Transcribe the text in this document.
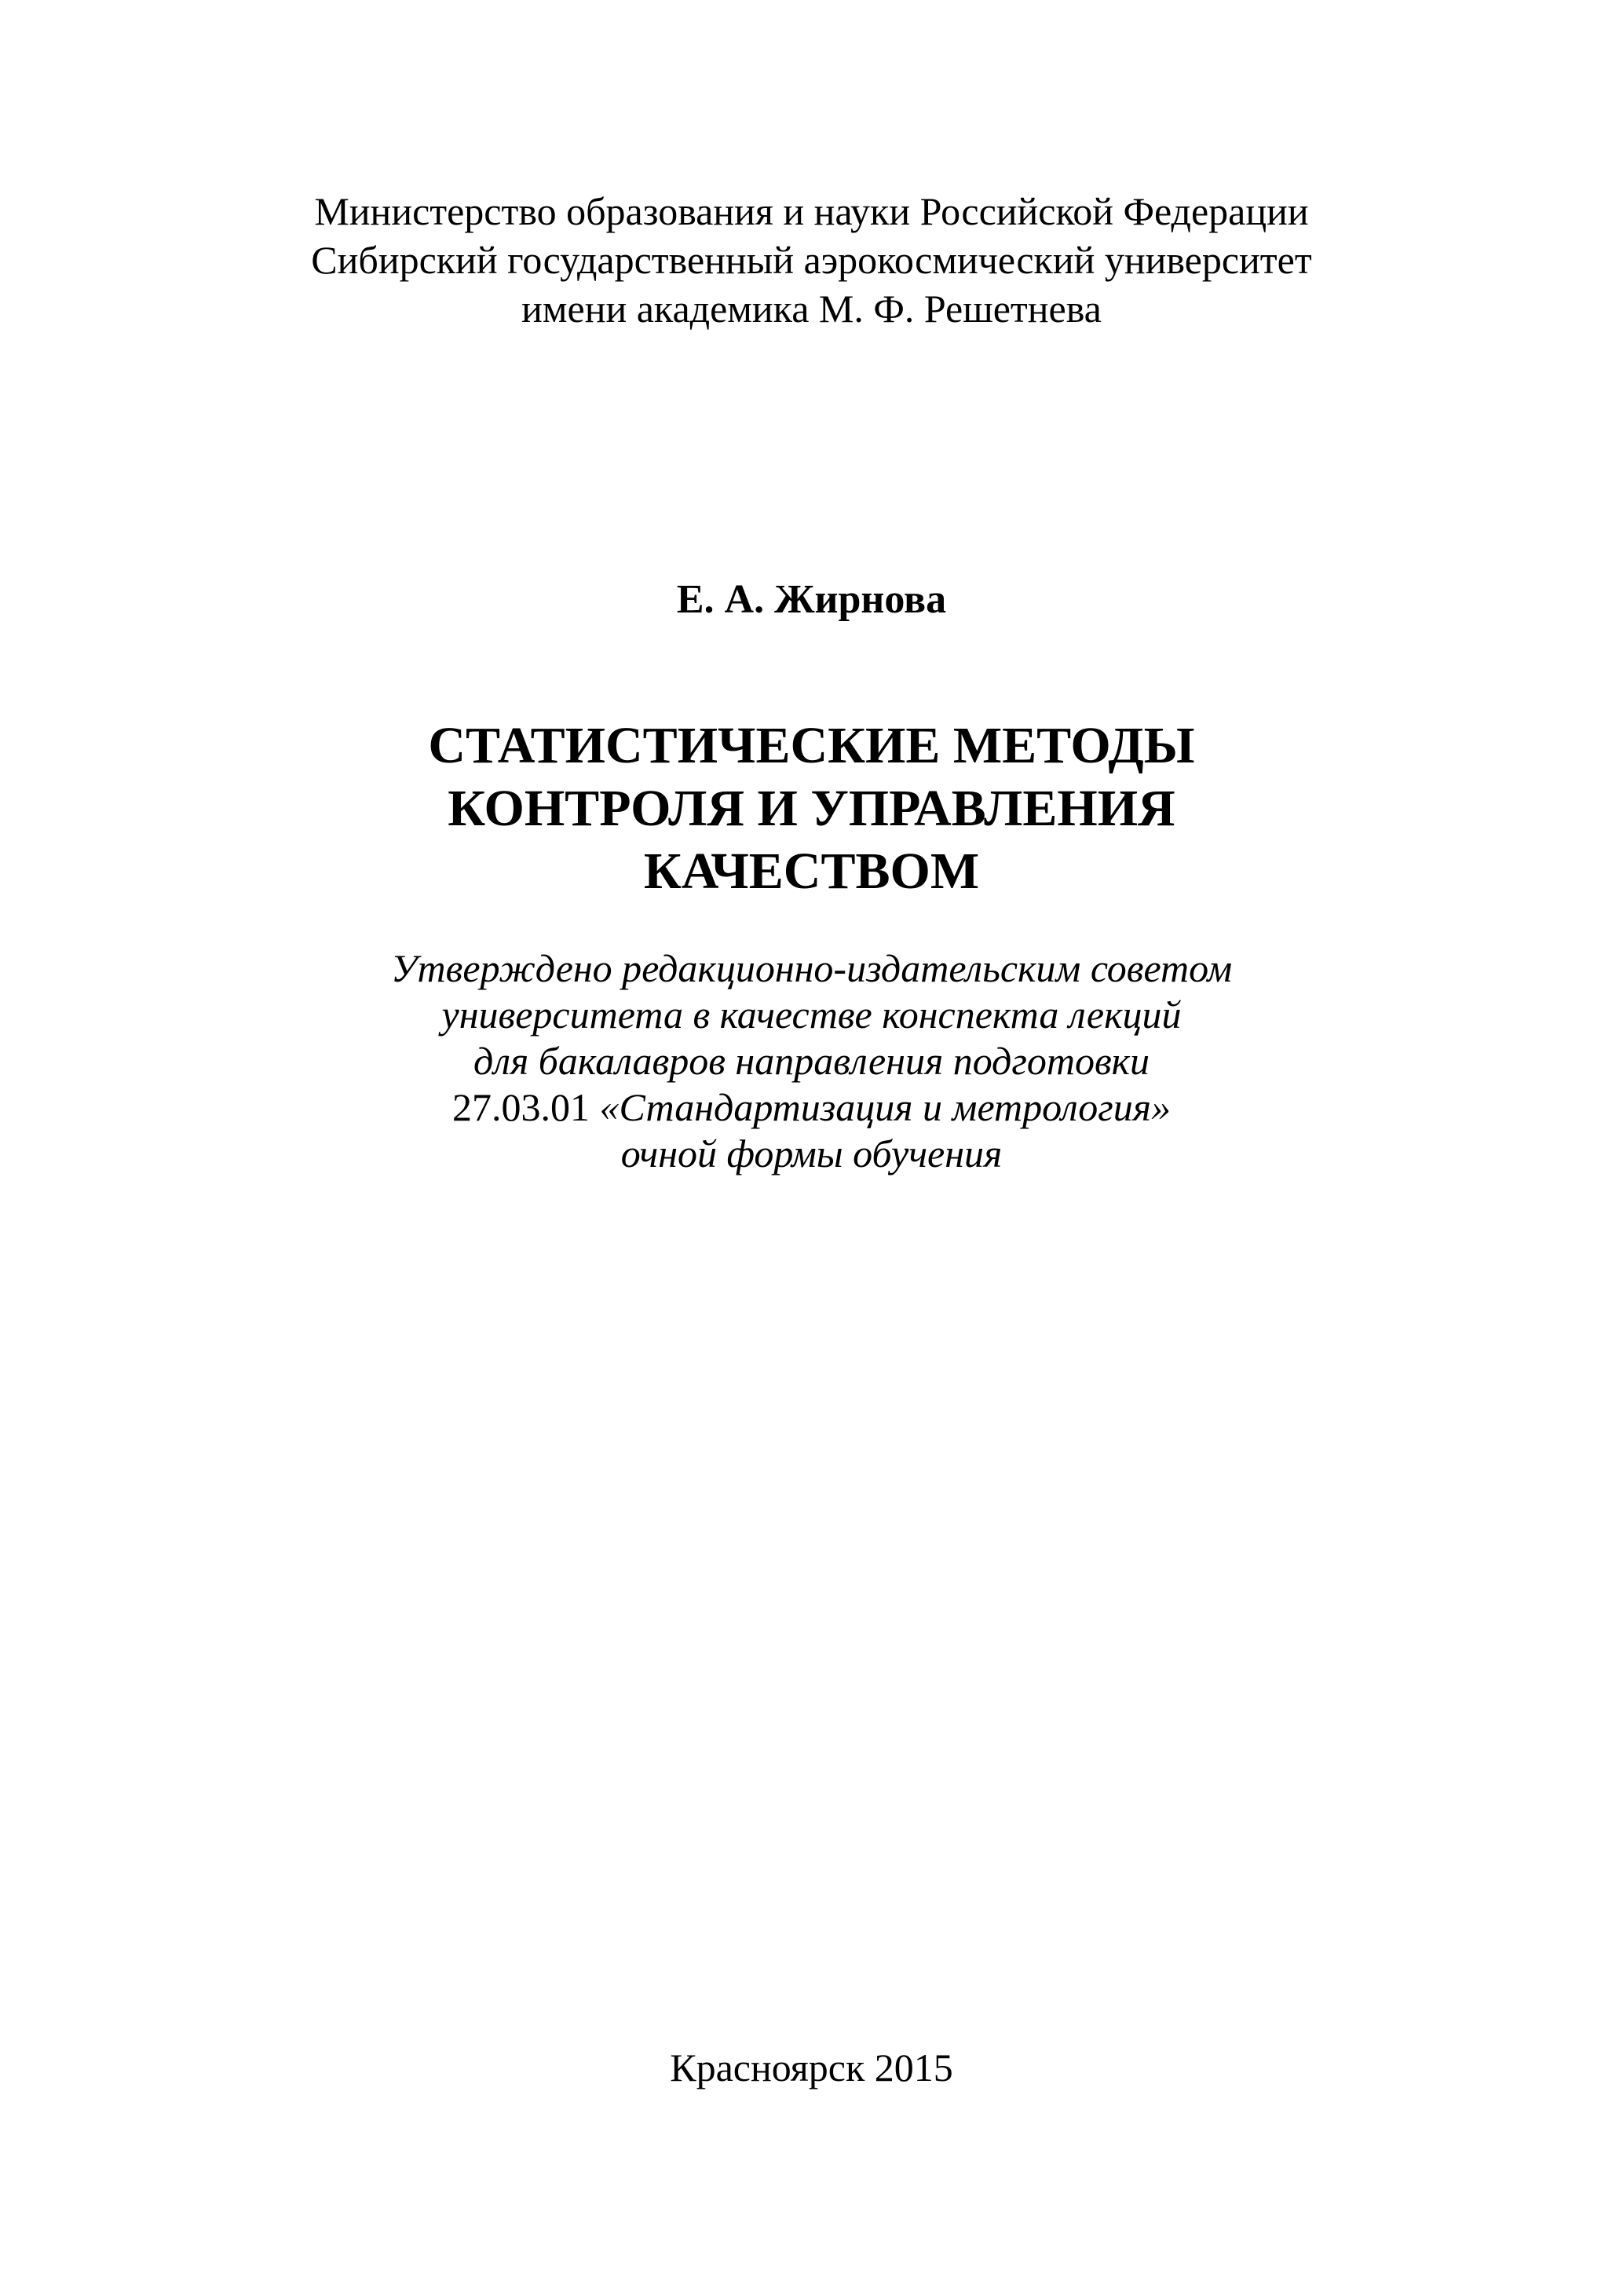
Министерство образования и науки Российской Федерации
Сибирский государственный аэрокосмический университет
имени академика М. Ф. Решетнева
Е. А. Жирнова
СТАТИСТИЧЕСКИЕ МЕТОДЫ
КОНТРОЛЯ И УПРАВЛЕНИЯ
КАЧЕСТВОМ
Утверждено редакционно-издательским советом
университета в качестве конспекта лекций
для бакалавров направления подготовки
27.03.01 «Стандартизация и метрология»
очной формы обучения
Красноярск 2015
